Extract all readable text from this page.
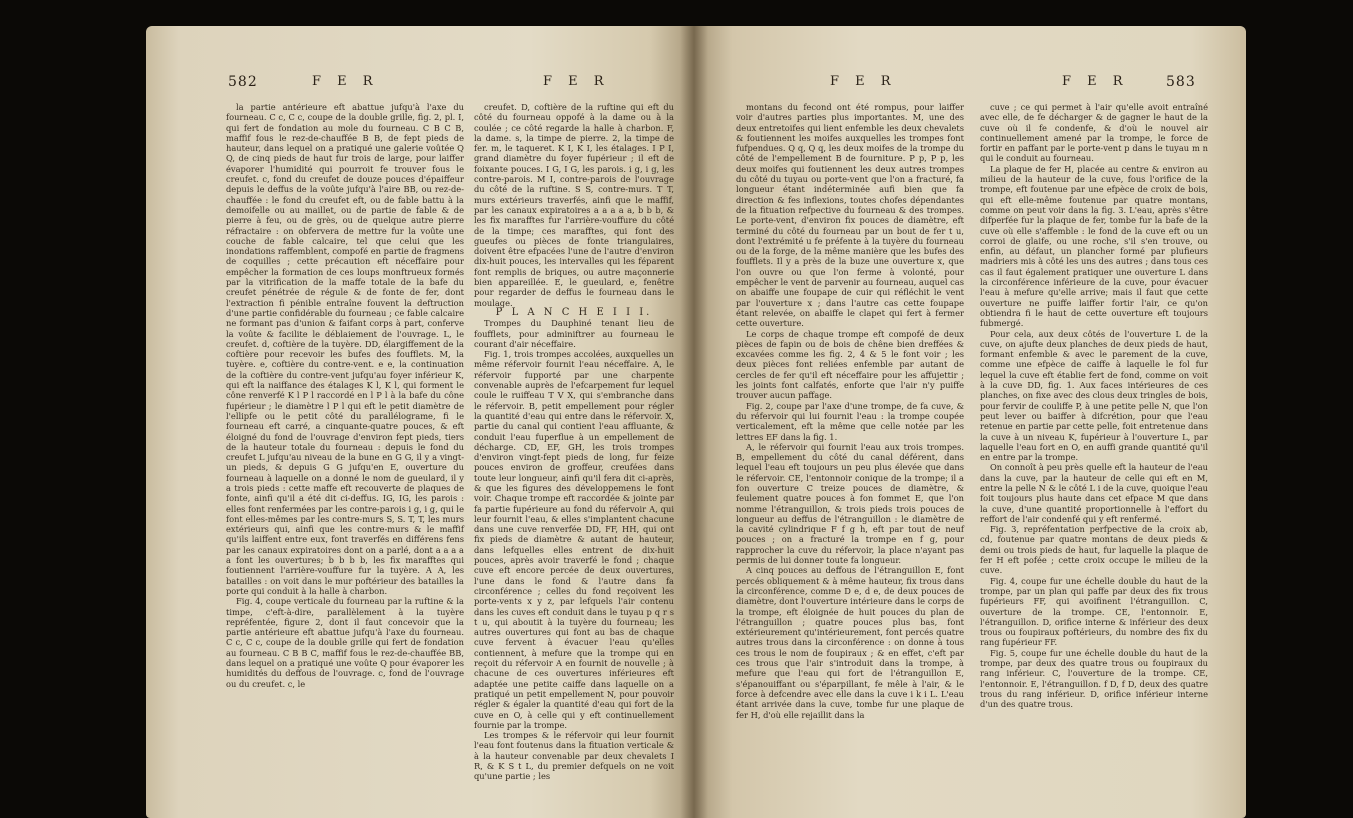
582	F E R	F E R

la partie antérieure eft abattue jufqu'à l'axe du fourneau. C c, C c, coupe de la double grille, fig. 2, pl. I, qui fert de fondation au mole du fourneau. C B C B, maffif fous le rez-de-chauffée B B, de fept pieds de hauteur, dans lequel on a pratiqué une galerie voûtée Q Q, de cinq pieds de haut fur trois de large, pour laiffer évaporer l'humidité qui pourroit fe trouver fous le creufet. c, fond du creufet de douze pouces d'épaiffeur depuis le deffus de la voûte jufqu'à l'aire BB, ou rez-de-chauffée : le fond du creufet eft, ou de fable battu à la demoifelle ou au maillet, ou de partie de fable & de pierre à feu, ou de grès, ou de quelque autre pierre réfractaire : on obfervera de mettre fur la voûte une couche de fable calcaire, tel que celui que les inondations raffemblent, compofé en partie de fragmens de coquilles ; cette précaution eft néceffaire pour empêcher la formation de ces loups monftrueux formés par la vitrification de la maffe totale de la bafe du creufet pénétrée de régule & de fonte de fer, dont l'extraction fi pénible entraîne fouvent la deftruction d'une partie confidérable du fourneau ; ce fable calcaire ne formant pas d'union & faifant corps à part, conferve la voûte & facilite le déblaiement de l'ouvrage. L, le creufet. d, coftière de la tuyère. DD, élargiffement de la coftière pour recevoir les bufes des foufflets. M, la tuyère. e, coftière du contre-vent. e e, la continuation de la coftière du contre-vent jufqu'au foyer inférieur K, qui eft la naiffance des étalages K l, K l, qui forment le cône renverfé K l P l raccordé en l P l à la bafe du cône fupérieur ; le diamètre l P l qui eft le petit diamètre de l'ellipfe ou le petit côté du parallélograme, fi le fourneau eft carré, a cinquante-quatre pouces, & eft éloigné du fond de l'ouvrage d'environ fept pieds, tiers de la hauteur totale du fourneau : depuis le fond du creufet L jufqu'au niveau de la bune en G G, il y a vingt-un pieds, & depuis G G jufqu'en E, ouverture du fourneau à laquelle on a donné le nom de gueulard, il y a trois pieds : cette maffe eft recouverte de plaques de fonte, ainfi qu'il a été dit ci-deffus. IG, IG, les parois : elles font renfermées par les contre-parois i g, i g, qui le font elles-mêmes par les contre-murs S, S. T, T, les murs extérieurs qui, ainfi que les contre-murs & le maffif qu'ils laiffent entre eux, font traverfés en différens fens par les canaux expiratoires dont on a parlé, dont a a a a a font les ouvertures; b b b b, les fix marafftes qui foutiennent l'arrière-vouffure fur la tuyère. A A, les batailles : on voit dans le mur poftérieur des batailles la porte qui conduit à la halle à charbon.

Fig. 4, coupe verticale du fourneau par la ruftine & la timpe, c'eft-à-dire, parallèlement à la tuyère repréfentée, figure 2, dont il faut concevoir que la partie antérieure eft abattue jufqu'à l'axe du fourneau. C c, C c, coupe de la double grille qui fert de fondation au fourneau. C B B C, maffif fous le rez-de-chauffée BB, dans lequel on a pratiqué une voûte Q pour évaporer les humidités du deffous de l'ouvrage. c, fond de l'ouvrage ou du creufet. c, le

creufet. D, coftière de la ruftine qui eft du côté du fourneau oppofé à la dame ou à la coulée ; ce côté regarde la halle à charbon. F, la dame. s, la timpe de pierre. 2, la timpe de fer. m, le taqueret. K I, K I, les étalages. I P I, grand diamètre du foyer fupérieur ; il eft de foixante pouces. I G, I G, les parois. i g, i g, les contre-parois. M I, contre-parois de l'ouvrage du côté de la ruftine. S S, contre-murs. T T, murs extérieurs traverfés, ainfi que le maffif, par les canaux expiratoires a a a a a, b b b, & les fix marafftes fur l'arrière-vouffure du côté de la timpe; ces marafftes, qui font des gueufes ou pièces de fonte triangulaires, doivent être efpacées l'une de l'autre d'environ dix-huit pouces, les intervalles qui les féparent font remplis de briques, ou autre maçonnerie bien appareillée. E, le gueulard, e, fenêtre pour regarder de deffus le fourneau dans le moulage.

P L A N C H E I I I.

Trompes du Dauphiné tenant lieu de foufflets, pour adminiftrer au fourneau le courant d'air néceffaire.

Fig. 1, trois trompes accolées, auxquelles un même réfervoir fournit l'eau néceffaire. A, le réfervoir fupporté par une charpente convenable auprès de l'efcarpement fur lequel coule le ruiffeau T V X, qui s'embranche dans le réfervoir. B, petit empellement pour régler la quantité d'eau qui entre dans le réfervoir. X, partie du canal qui contient l'eau affluante, & conduit l'eau fuperflue à un empellement de décharge. CD, EF, GH, les trois trompes d'environ vingt-fept pieds de long, fur feize pouces environ de groffeur, creufées dans toute leur longueur, ainfi qu'il fera dit ci-après, & que les figures des développemens le font voir. Chaque trompe eft raccordée & jointe par fa partie fupérieure au fond du réfervoir A, qui leur fournit l'eau, & elles s'implantent chacune dans une cuve renverfée DD, FF, HH, qui ont fix pieds de diamètre & autant de hauteur, dans lefquelles elles entrent de dix-huit pouces, après avoir traverfé le fond ; chaque cuve eft encore percée de deux ouvertures, l'une dans le fond & l'autre dans fa circonférence ; celles du fond reçoivent les porte-vents x y z, par lefquels l'air contenu dans les cuves eft conduit dans le tuyau p q r s t u, qui aboutit à la tuyère du fourneau; les autres ouvertures qui font au bas de chaque cuve fervent à évacuer l'eau qu'elles contiennent, à mefure que la trompe qui en reçoit du réfervoir A en fournit de nouvelle ; à chacune de ces ouvertures inférieures eft adaptée une petite caiffe dans laquelle on a pratiqué un petit empellement N, pour pouvoir régler & égaler la quantité d'eau qui fort de la cuve en O, à celle qui y eft continuellement fournie par la trompe.

Les trompes & le réfervoir qui leur fournit l'eau font foutenus dans la fituation verticale & à la hauteur convenable par deux chevalets I R, & K S t L, du premier defquels on ne voit qu'une partie ; les

F E R	F E R	583

montans du fecond ont été rompus, pour laiffer voir d'autres parties plus importantes. M, une des deux entretoifes qui lient enfemble les deux chevalets & foutiennent les moifes auxquelles les trompes font fufpendues. Q q, Q q, les deux moifes de la trompe du côté de l'empellement B de fourniture. P p, P p, les deux moifes qui foutiennent les deux autres trompes du côté du tuyau ou porte-vent que l'on a fracturé, fa longueur étant indéterminée aufi bien que fa direction & fes inflexions, toutes chofes dépendantes de la fituation refpective du fourneau & des trompes. Le porte-vent, d'environ fix pouces de diamètre, eft terminé du côté du fourneau par un bout de fer t u, dont l'extrémité u fe préfente à la tuyère du fourneau ou de la forge, de la même manière que les bufes des foufflets. Il y a près de la buze une ouverture x, que l'on ouvre ou que l'on ferme à volonté, pour empêcher le vent de parvenir au fourneau, auquel cas on abaiffe une foupape de cuir qui réfléchit le vent par l'ouverture x ; dans l'autre cas cette foupape étant relevée, on abaiffe le clapet qui fert à fermer cette ouverture.

Le corps de chaque trompe eft compofé de deux pièces de fapin ou de bois de chêne bien dreffées & excavées comme les fig. 2, 4 & 5 le font voir ; les deux pièces font reliées enfemble par autant de cercles de fer qu'il eft néceffaire pour les affujettir ; les joints font calfatés, enforte que l'air n'y puiffe trouver aucun paffage.

Fig. 2, coupe par l'axe d'une trompe, de fa cuve, & du réfervoir qui lui fournit l'eau : la trompe coupée verticalement, eft la même que celle notée par les lettres EF dans la fig. 1.

A, le réfervoir qui fournit l'eau aux trois trompes. B, empellement du côté du canal déférent, dans lequel l'eau eft toujours un peu plus élevée que dans le réfervoir. CE, l'entonnoir conique de la trompe; il a fon ouverture C treize pouces de diamètre, & feulement quatre pouces à fon fommet E, que l'on nomme l'étranguillon, & trois pieds trois pouces de longueur au deffus de l'étranguillon : le diamètre de la cavité cylindrique F f g h, eft par tout de neuf pouces ; on a fracturé la trompe en f g, pour rapprocher la cuve du réfervoir, la place n'ayant pas permis de lui donner toute fa longueur.

A cinq pouces au deffous de l'étranguillon E, font percés obliquement & à même hauteur, fix trous dans la circonférence, comme D e, d e, de deux pouces de diamètre, dont l'ouverture intérieure dans le corps de la trompe, eft éloignée de huit pouces du plan de l'étranguillon ; quatre pouces plus bas, font extérieurement qu'intérieurement, font percés quatre autres trous dans la circonférence : on donne à tous ces trous le nom de foupiraux ; & en effet, c'eft par ces trous que l'air s'introduit dans la trompe, à mefure que l'eau qui fort de l'étranguillon E, s'épanouiffant ou s'éparpillant, fe mêle à l'air, & le force à defcendre avec elle dans la cuve i k i L. L'eau étant arrivée dans la cuve, tombe fur une plaque de fer H, d'où elle rejaillit dans la

cuve ; ce qui permet à l'air qu'elle avoit entraîné avec elle, de fe décharger & de gagner le haut de la cuve où il fe condenfe, & d'où le nouvel air continuellement amené par la trompe, le force de fortir en paffant par le porte-vent p dans le tuyau m n qui le conduit au fourneau.

La plaque de fer H, placée au centre & environ au milieu de la hauteur de la cuve, fous l'orifice de la trompe, eft foutenue par une efpèce de croix de bois, qui eft elle-même foutenue par quatre montans, comme on peut voir dans la fig. 3. L'eau, après s'être difperfée fur la plaque de fer, tombe fur la bafe de la cuve où elle s'affemble : le fond de la cuve eft ou un corroi de glaife, ou une roche, s'il s'en trouve, ou enfin, au défaut, un plancher formé par plufieurs madriers mis à côté les uns des autres ; dans tous ces cas il faut également pratiquer une ouverture L dans la circonférence inférieure de la cuve, pour évacuer l'eau à mefure qu'elle arrive; mais il faut que cette ouverture ne puiffe laiffer fortir l'air, ce qu'on obtiendra fi le haut de cette ouverture eft toujours fubmergé.

Pour cela, aux deux côtés de l'ouverture L de la cuve, on ajufte deux planches de deux pieds de haut, formant enfemble & avec le parement de la cuve, comme une efpèce de caiffe à laquelle le fol fur lequel la cuve eft établie fert de fond, comme on voit à la cuve DD, fig. 1. Aux faces intérieures de ces planches, on fixe avec des clous deux tringles de bois, pour fervir de couliffe P, à une petite pelle N, que l'on peut lever ou baiffer à difcrétion, pour que l'eau retenue en partie par cette pelle, foit entretenue dans la cuve à un niveau K, fupérieur à l'ouverture L, par laquelle l'eau fort en O, en auffi grande quantité qu'il en entre par la trompe.

On connoît à peu près quelle eft la hauteur de l'eau dans la cuve, par la hauteur de celle qui eft en M, entre la pelle N & le côté L i de la cuve, quoique l'eau foit toujours plus haute dans cet efpace M que dans la cuve, d'une quantité proportionnelle à l'effort du reffort de l'air condenfé qui y eft renfermé.

Fig. 3, repréfentation perfpective de la croix ab, cd, foutenue par quatre montans de deux pieds & demi ou trois pieds de haut, fur laquelle la plaque de fer H eft pofée ; cette croix occupe le milieu de la cuve.

Fig. 4, coupe fur une échelle double du haut de la trompe, par un plan qui paffe par deux des fix trous fupérieurs FF, qui avoifinent l'étranguillon. C, ouverture de la trompe. CE, l'entonnoir. E, l'étranguillon. D, orifice interne & inférieur des deux trous ou foupiraux poftérieurs, du nombre des fix du rang fupérieur FF.

Fig. 5, coupe fur une échelle double du haut de la trompe, par deux des quatre trous ou foupiraux du rang inférieur. C, l'ouverture de la trompe. CE, l'entonnoir. E, l'étranguillon. f D, f D, deux des quatre trous du rang inférieur. D, orifice inférieur interne d'un des quatre trous.
